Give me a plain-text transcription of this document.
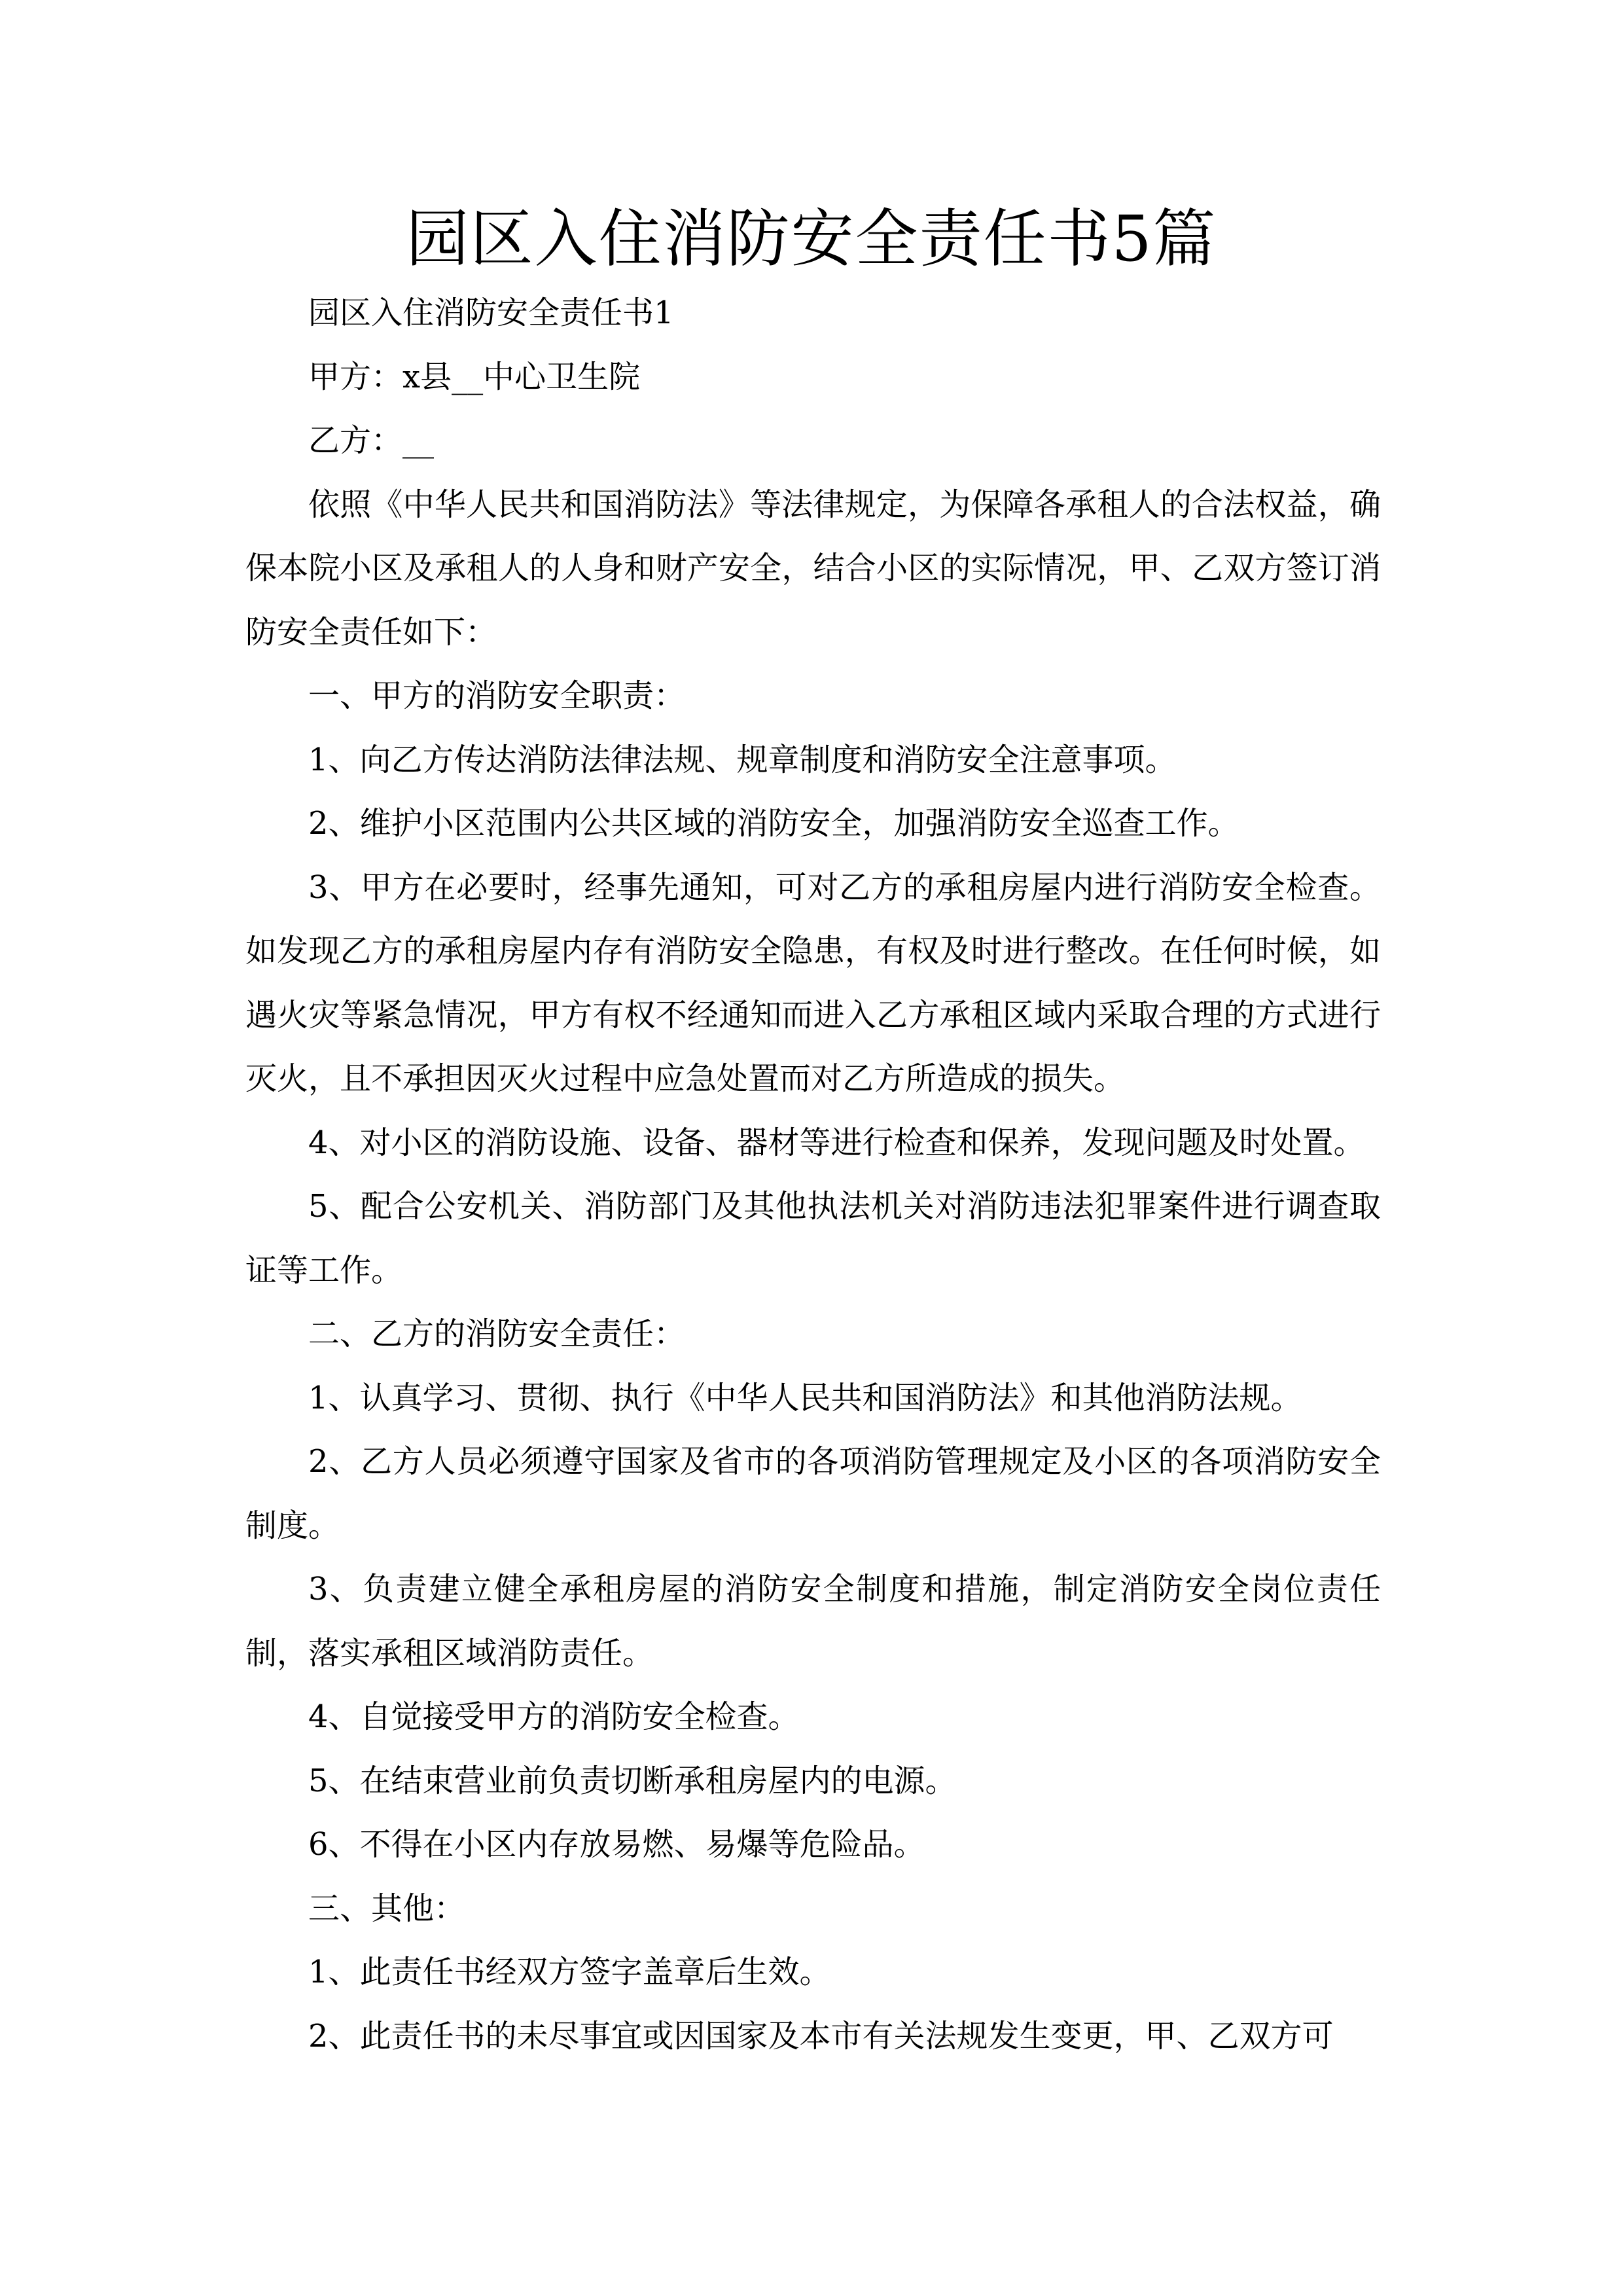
园区入住消防安全责任书5篇

园区入住消防安全责任书1

甲方：x县__中心卫生院

乙方：__

依照《中华人民共和国消防法》等法律规定，为保障各承租人的合法权益，确保本院小区及承租人的人身和财产安全，结合小区的实际情况，甲、乙双方签订消防安全责任如下：

一、甲方的消防安全职责：

1、向乙方传达消防法律法规、规章制度和消防安全注意事项。

2、维护小区范围内公共区域的消防安全，加强消防安全巡查工作。

3、甲方在必要时，经事先通知，可对乙方的承租房屋内进行消防安全检查。如发现乙方的承租房屋内存有消防安全隐患，有权及时进行整改。在任何时候，如遇火灾等紧急情况，甲方有权不经通知而进入乙方承租区域内采取合理的方式进行灭火，且不承担因灭火过程中应急处置而对乙方所造成的损失。

4、对小区的消防设施、设备、器材等进行检查和保养，发现问题及时处置。

5、配合公安机关、消防部门及其他执法机关对消防违法犯罪案件进行调查取证等工作。

二、乙方的消防安全责任：

1、认真学习、贯彻、执行《中华人民共和国消防法》和其他消防法规。

2、乙方人员必须遵守国家及省市的各项消防管理规定及小区的各项消防安全制度。

3、负责建立健全承租房屋的消防安全制度和措施，制定消防安全岗位责任制，落实承租区域消防责任。

4、自觉接受甲方的消防安全检查。

5、在结束营业前负责切断承租房屋内的电源。

6、不得在小区内存放易燃、易爆等危险品。

三、其他：

1、此责任书经双方签字盖章后生效。

2、此责任书的未尽事宜或因国家及本市有关法规发生变更，甲、乙双方可
